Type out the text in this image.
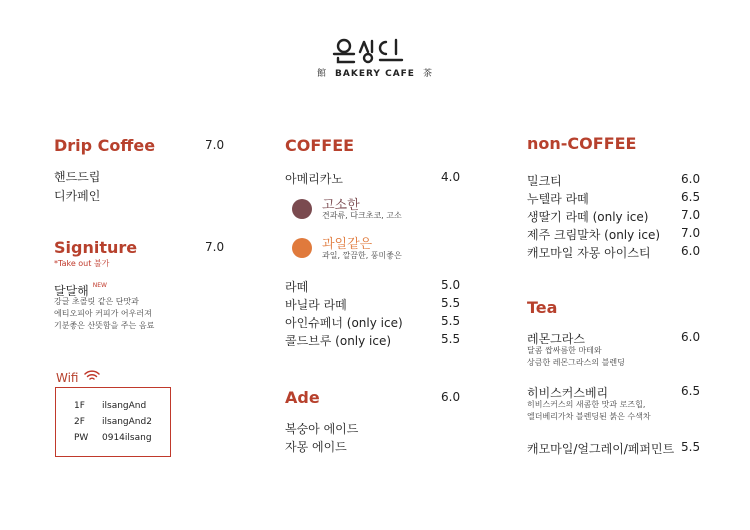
館 BAKERY CAFE 茶
Drip Coffee	7.0
핸드드립
디카페인
Signiture	7.0
*Take out 불가
달달해 $^{NEW}$
강글 초콜릿 같은 단맛과
에티오피아 커피가 어우러져
기분좋은 산뜻함을 주는 음료
Wifi
1F ilsangAnd
2F ilsangAnd2
PW 0914ilsang
COFFEE
아메리카노	4.0
고소한
견과류, 다크초코, 고소
과일같은
과일, 깔끔한, 풍미좋은
라떼	5.0
바닐라 라떼	5.5
아인슈페너 (only ice)	5.5
콜드브루 (only ice)	5.5
Ade	6.0
복숭아 에이드
자몽 에이드
non-COFFEE
밀크티	6.0
누텔라 라떼	6.5
생딸기 라떼 (only ice)	7.0
제주 크림말차 (only ice) 7.0
캐모마일 자몽 아이스티	6.0
Tea
레몬그라스	6.0
달콤 쌉싸름한 마테와
상큼한 레몬그라스의 블렌딩
히비스커스베리	6.5
히비스커스의 새콤한 맛과 로즈힙,
엘더베리가차 블렌딩된 붉은 수색차
캐모마일/얼그레이/페퍼민트 5.5
